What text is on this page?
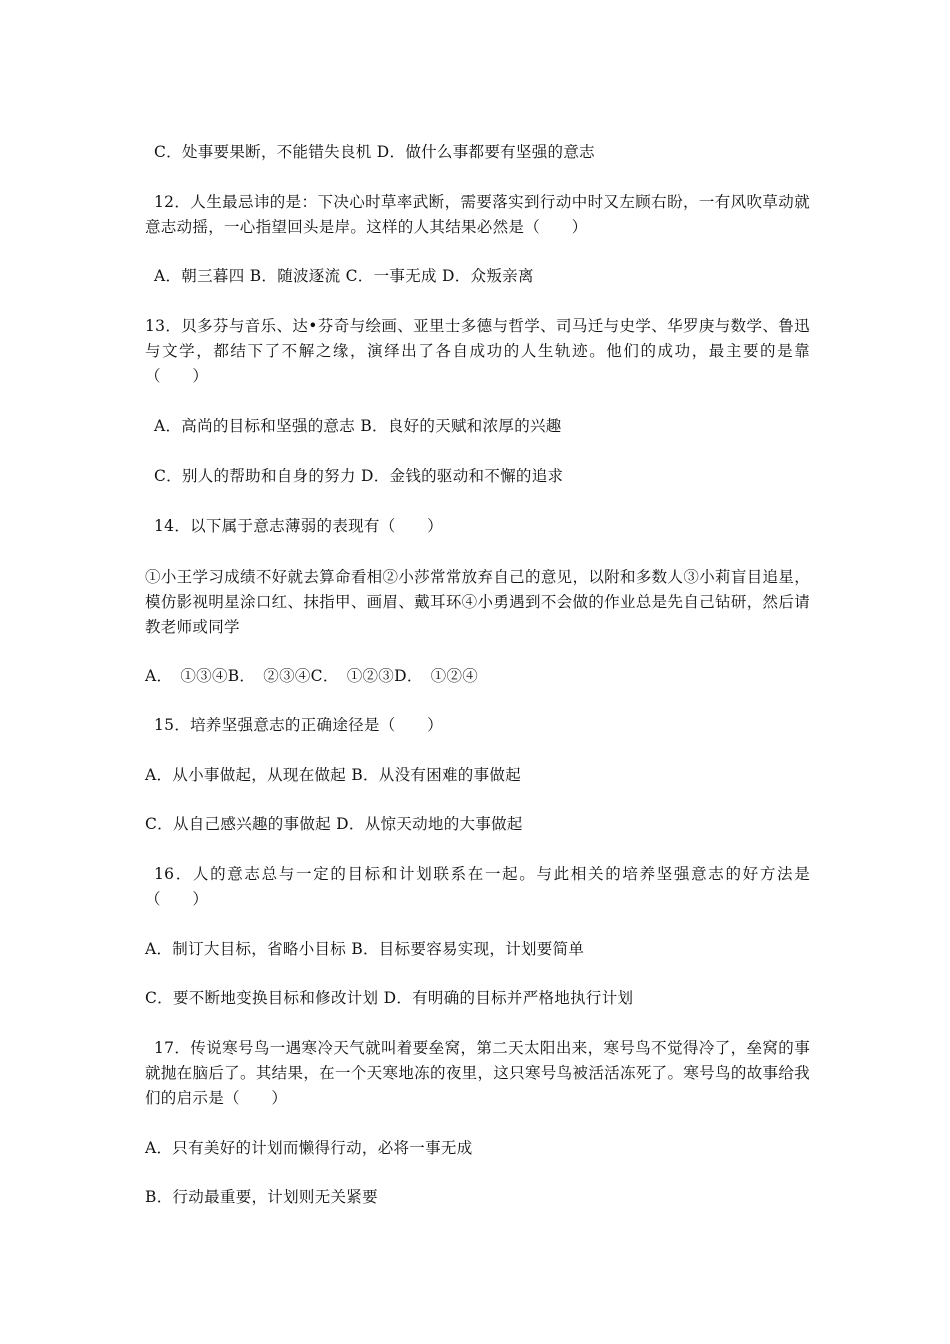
C．处事要果断，不能错失良机 D．做什么事都要有坚强的意志

12．人生最忌讳的是：下决心时草率武断，需要落实到行动中时又左顾右盼，一有风吹草动就意志动摇，一心指望回头是岸。这样的人其结果必然是（　　）

A．朝三暮四 B．随波逐流 C．一事无成 D．众叛亲离

13．贝多芬与音乐、达•芬奇与绘画、亚里士多德与哲学、司马迁与史学、华罗庚与数学、鲁迅与文学，都结下了不解之缘，演绎出了各自成功的人生轨迹。他们的成功，最主要的是靠（　　）

A．高尚的目标和坚强的意志 B．良好的天赋和浓厚的兴趣

C．别人的帮助和自身的努力 D．金钱的驱动和不懈的追求

14．以下属于意志薄弱的表现有（　　）

①小王学习成绩不好就去算命看相②小莎常常放弃自己的意见，以附和多数人③小莉盲目追星，模仿影视明星涂口红、抹指甲、画眉、戴耳环④小勇遇到不会做的作业总是先自己钻研，然后请教老师或同学

A．　①③④B．　②③④C．　①②③D．　①②④

15．培养坚强意志的正确途径是（　　）

A．从小事做起，从现在做起 B．从没有困难的事做起

C．从自己感兴趣的事做起 D．从惊天动地的大事做起

16．人的意志总与一定的目标和计划联系在一起。与此相关的培养坚强意志的好方法是（　　）

A．制订大目标，省略小目标 B．目标要容易实现，计划要简单

C．要不断地变换目标和修改计划 D．有明确的目标并严格地执行计划

17．传说寒号鸟一遇寒冷天气就叫着要垒窝，第二天太阳出来，寒号鸟不觉得冷了，垒窝的事就抛在脑后了。其结果，在一个天寒地冻的夜里，这只寒号鸟被活活冻死了。寒号鸟的故事给我们的启示是（　　）

A．只有美好的计划而懒得行动，必将一事无成

B．行动最重要，计划则无关紧要
